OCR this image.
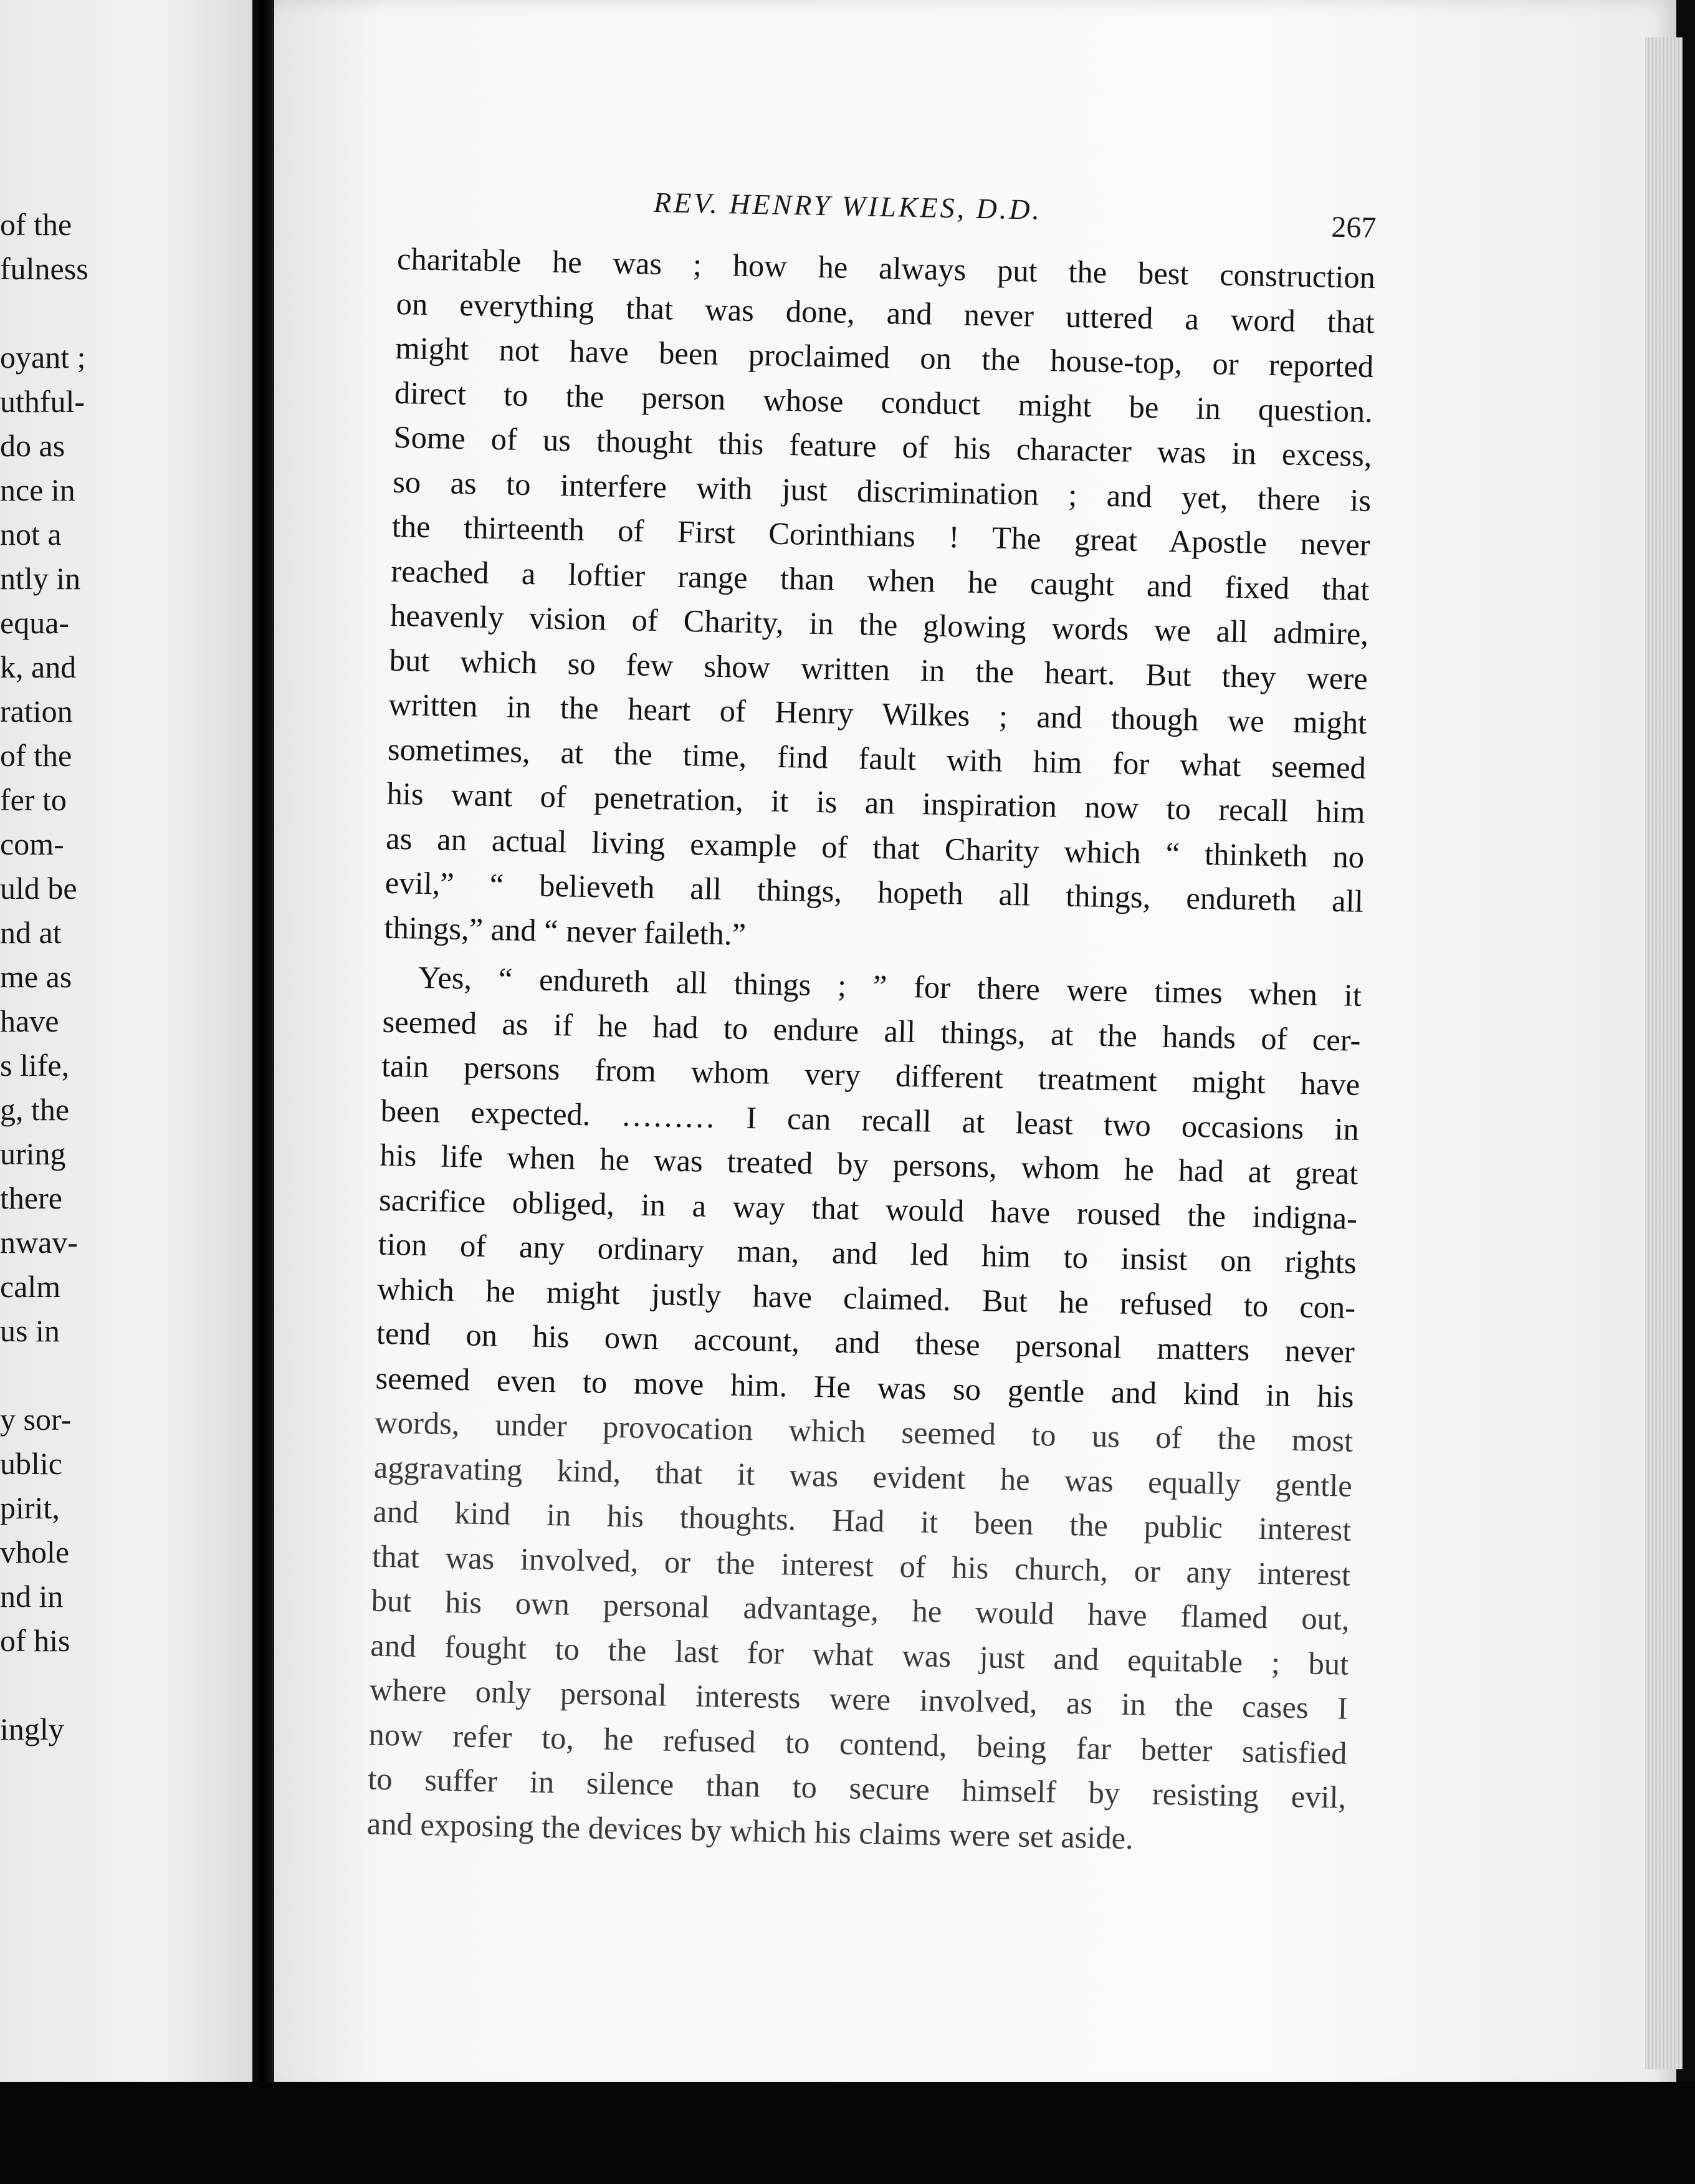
of the
fulness
oyant ;
uthful-
do as
nce in
not a
ntly in
equa-
k, and
ration
of the
fer to
com-
uld be
nd at
me as
have
s life,
g, the
uring
there
nwav-
calm
us in
y sor-
ublic
pirit,
vhole
nd in
of his
ingly
REV. HENRY WILKES, D.D.
267
charitable he was ; how he always put the best construction
on everything that was done, and never uttered a word that
might not have been proclaimed on the house-top, or reported
direct to the person whose conduct might be in question.
Some of us thought this feature of his character was in excess,
so as to interfere with just discrimination ; and yet, there is
the thirteenth of First Corinthians ! The great Apostle never
reached a loftier range than when he caught and fixed that
heavenly vision of Charity, in the glowing words we all admire,
but which so few show written in the heart. But they were
written in the heart of Henry Wilkes ; and though we might
sometimes, at the time, find fault with him for what seemed
his want of penetration, it is an inspiration now to recall him
as an actual living example of that Charity which “ thinketh no
evil,” “ believeth all things, hopeth all things, endureth all
things,” and “ never faileth.”
Yes, “ endureth all things ; ” for there were times when it
seemed as if he had to endure all things, at the hands of cer-
tain persons from whom very different treatment might have
been expected. ……… I can recall at least two occasions in
his life when he was treated by persons, whom he had at great
sacrifice obliged, in a way that would have roused the indigna-
tion of any ordinary man, and led him to insist on rights
which he might justly have claimed. But he refused to con-
tend on his own account, and these personal matters never
seemed even to move him. He was so gentle and kind in his
words, under provocation which seemed to us of the most
aggravating kind, that it was evident he was equally gentle
and kind in his thoughts. Had it been the public interest
that was involved, or the interest of his church, or any interest
but his own personal advantage, he would have flamed out,
and fought to the last for what was just and equitable ; but
where only personal interests were involved, as in the cases I
now refer to, he refused to contend, being far better satisfied
to suffer in silence than to secure himself by resisting evil,
and exposing the devices by which his claims were set aside.
